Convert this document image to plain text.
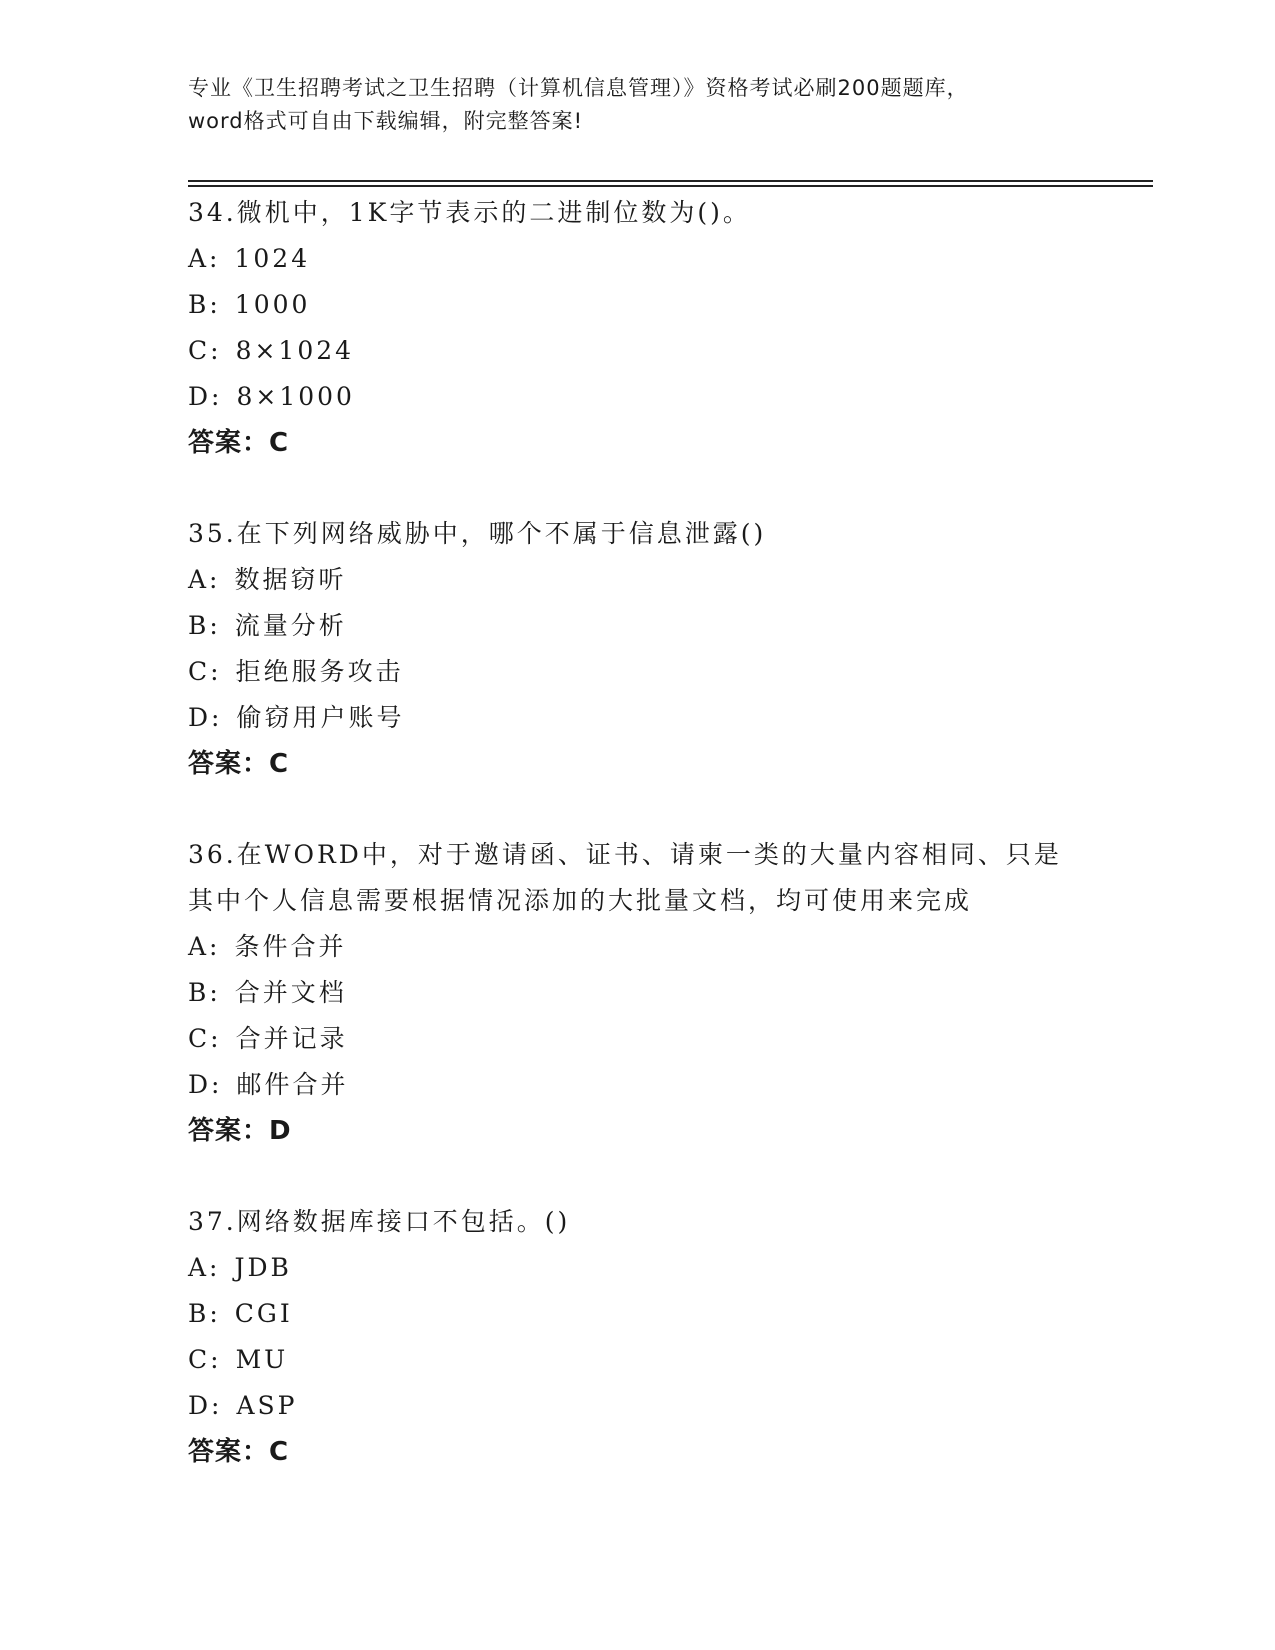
专业《卫生招聘考试之卫生招聘（计算机信息管理）》资格考试必刷200题题库，
word格式可自由下载编辑，附完整答案!
34.微机中，1K字节表示的二进制位数为()。
A: 1024
B: 1000
C: 8×1024
D: 8×1000
答案：C
35.在下列网络威胁中，哪个不属于信息泄露()
A: 数据窃听
B: 流量分析
C: 拒绝服务攻击
D: 偷窃用户账号
答案：C
36.在WORD中，对于邀请函、证书、请柬一类的大量内容相同、只是
其中个人信息需要根据情况添加的大批量文档，均可使用来完成
A: 条件合并
B: 合并文档
C: 合并记录
D: 邮件合并
答案：D
37.网络数据库接口不包括。()
A: JDB
B: CGI
C: MU
D: ASP
答案：C
